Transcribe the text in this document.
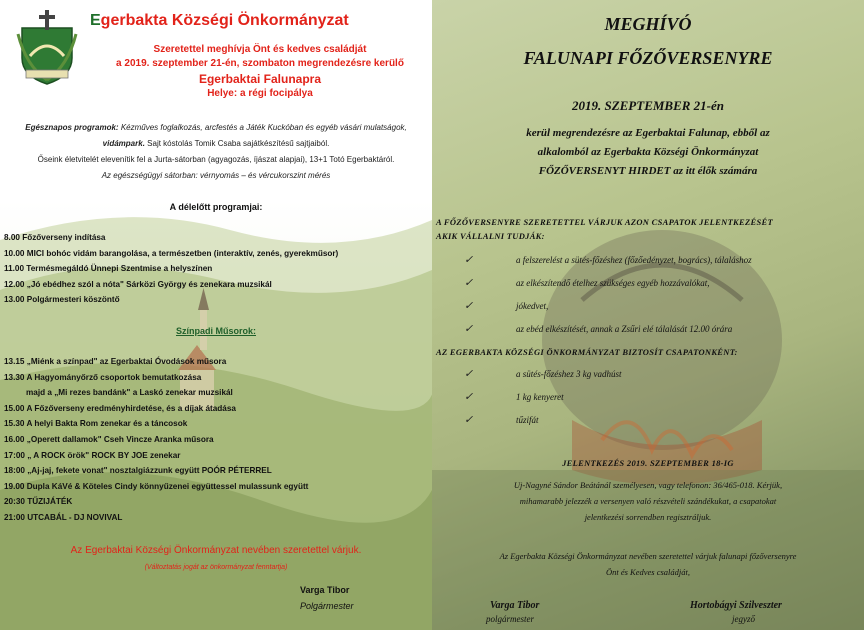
Egerbakta Községi Önkormányzat
Szeretettel meghívja Önt és kedves családját
a 2019. szeptember 21-én, szombaton megrendezésre kerülő
Egerbaktai Falunapra
Helye: a régi focipálya
Egésznapos programok: Kézműves foglalkozás, arcfestés a Játék Kuckóban és egyéb vásári mulatságok,
vidámpark. Sajt kóstolás Tomik Csaba sajátkészítésű sajtjaiból.
Őseink életvitelét elevenítik fel a Jurta-sátorban (agyagozás, íjászat alapjai), 13+1 Totó Egerbaktáról.
Az egészségügyi sátorban: vérnyomás – és vércukorszint mérés
A délelőtt programjai:
8.00 Főzőverseny indítása
10.00 MICI bohóc vidám barangolása, a természetben (interaktív, zenés, gyerekműsor)
11.00 Termésmegáldó Ünnepi Szentmise a helyszínen
12.00 „Jó ebédhez szól a nóta" Sárközi György és zenekara muzsikál
13.00 Polgármesteri köszöntő
Színpadi Műsorok:
13.15 „Miénk a színpad" az Egerbaktai Óvodások műsora
13.30 A Hagyományőrző csoportok bemutatkozása
majd a „Mi rezes bandánk" a Laskó zenekar muzsikál
15.00 A Főzőverseny eredményhirdetése, és a díjak átadása
15.30 A helyi Bakta Rom zenekar és a táncosok
16.00 „Operett dallamok" Cseh Vincze Aranka műsora
17:00 „ A ROCK örök" ROCK BY JOE zenekar
18:00 „Aj-jaj, fekete vonat" nosztalgiázzunk együtt POÓR PÉTERREL
19.00 Dupla KáVé & Köteles Cindy könnyűzenei együttessel mulassunk együtt
20:30 TŰZIJÁTÉK
21:00 UTCABÁL - DJ NOVIVAL
Az Egerbaktai Községi Önkormányzat nevében szeretettel várjuk.
(Változtatás jogát az önkormányzat fenntartja)
Varga Tibor
Polgármester
MEGHÍVÓ
FALUNAPI FŐZŐVERSENYRE
2019. SZEPTEMBER 21-én
kerül megrendezésre az Egerbaktai Falunap, ebből az
alkalomból az Egerbakta Községi Önkormányzat
FŐZŐVERSENYT HIRDET az itt élők számára
A FŐZŐVERSENYRE SZERETETTEL VÁRJUK AZON CSAPATOK JELENTKEZÉSÉT
AKIK VÁLLALNI TUDJÁK:
AZ EGERBAKTA KÖZSÉGI ÖNKORMÁNYZAT BIZTOSÍT CSAPATONKÉNT:
JELENTKEZÉS 2019. SZEPTEMBER 18-IG
Uj-Nagyné Sándor Beátánál személyesen, vagy telefonon: 36/465-018. Kérjük,
mihamarabb jelezzék a versenyen való részvételi szándékukat, a csapatokat
jelentkezési sorrendben regisztráljuk.
Az Egerbakta Községi Önkormányzat nevében szeretettel várjuk falunapi főzőversenyre
Önt és Kedves családját,
Varga Tibor
polgármester
Hortobágyi Szilveszter
jegyző
✓	a felszerelést a sütés-főzéshez (főzőedényzet, bogrács), tálaláshoz
✓	az elkészítendő ételhez szükséges egyéb hozzávalókat,
✓	jókedvet,
✓	az ebéd elkészítését, annak a Zsűri elé tálalását 12.00 órára
✓	a sütés-főzéshez 3 kg vadhúst
✓	1 kg kenyeret
✓	tűzifát
